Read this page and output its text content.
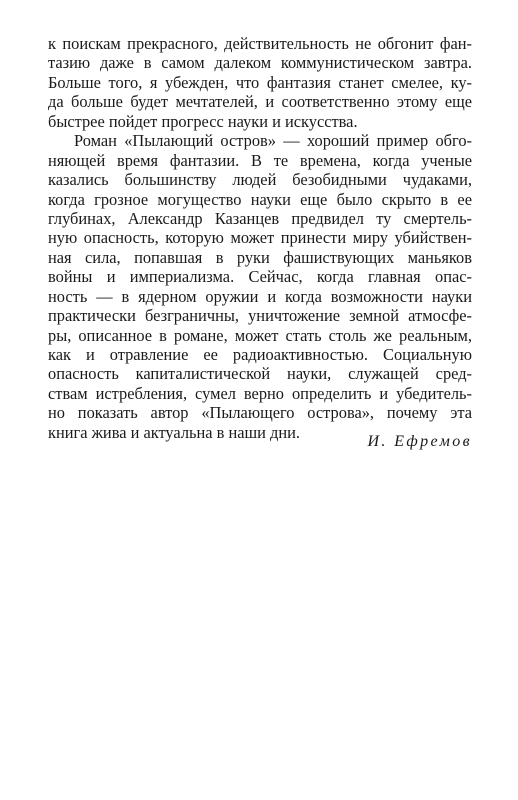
к поискам прекрасного, действительность не обгонит фан-
тазию даже в самом далеком коммунистическом завтра.
Больше того, я убежден, что фантазия станет смелее, ку-
да больше будет мечтателей, и соответственно этому еще
быстрее пойдет прогресс науки и искусства.
Роман «Пылающий остров» — хороший пример обго-
няющей время фантазии. В те времена, когда ученые
казались большинству людей безобидными чудаками,
когда грозное могущество науки еще было скрыто в ее
глубинах, Александр Казанцев предвидел ту смертель-
ную опасность, которую может принести миру убийствен-
ная сила, попавшая в руки фашиствующих маньяков
войны и империализма. Сейчас, когда главная опас-
ность — в ядерном оружии и когда возможности науки
практически безграничны, уничтожение земной атмосфе-
ры, описанное в романе, может стать столь же реальным,
как и отравление ее радиоактивностью. Социальную
опасность капиталистической науки, служащей сред-
ствам истребления, сумел верно определить и убедитель-
но показать автор «Пылающего острова», почему эта
книга жива и актуальна в наши дни.	И. Ефремов
